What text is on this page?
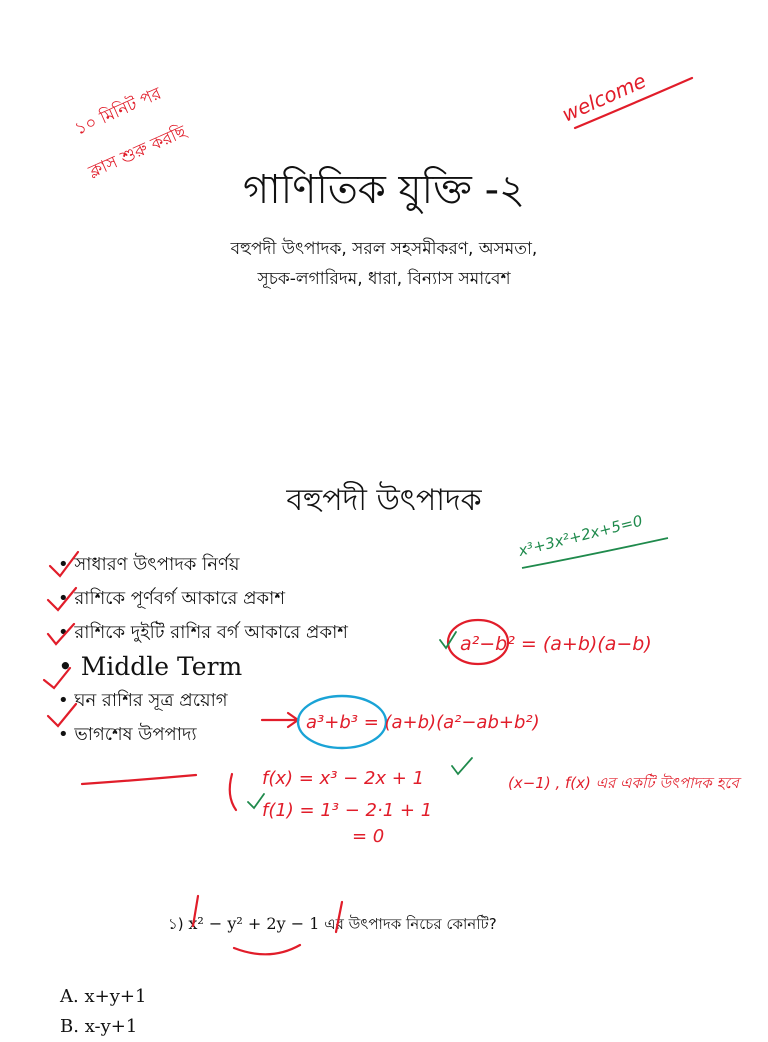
গাণিতিক যুক্তি -২
বহুপদী উৎপাদক, সরল সহসমীকরণ, অসমতা,
সূচক-লগারিদম, ধারা, বিন্যাস সমাবেশ
বহুপদী উৎপাদক
• সাধারণ উৎপাদক নির্ণয়
• রাশিকে পূর্ণবর্গ আকারে প্রকাশ
• রাশিকে দুইটি রাশির বর্গ আকারে প্রকাশ
• Middle Term
• ঘন রাশির সূত্র প্রয়োগ
• ভাগশেষ উপপাদ্য
১) x² − y² + 2y − 1 এর উৎপাদক নিচের কোনটি?
A. x+y+1
B. x-y+1
১০ মিনিট পর
ক্লাস শুরু করছি
welcome
x³+3x²+2x+5=0
a²−b² = (a+b)(a−b)
a³+b³ = (a+b)(a²−ab+b²)
f(x) = x³ − 2x + 1
f(1) = 1³ − 2·1 + 1
= 0
(x−1) , f(x) এর একটি উৎপাদক হবে
